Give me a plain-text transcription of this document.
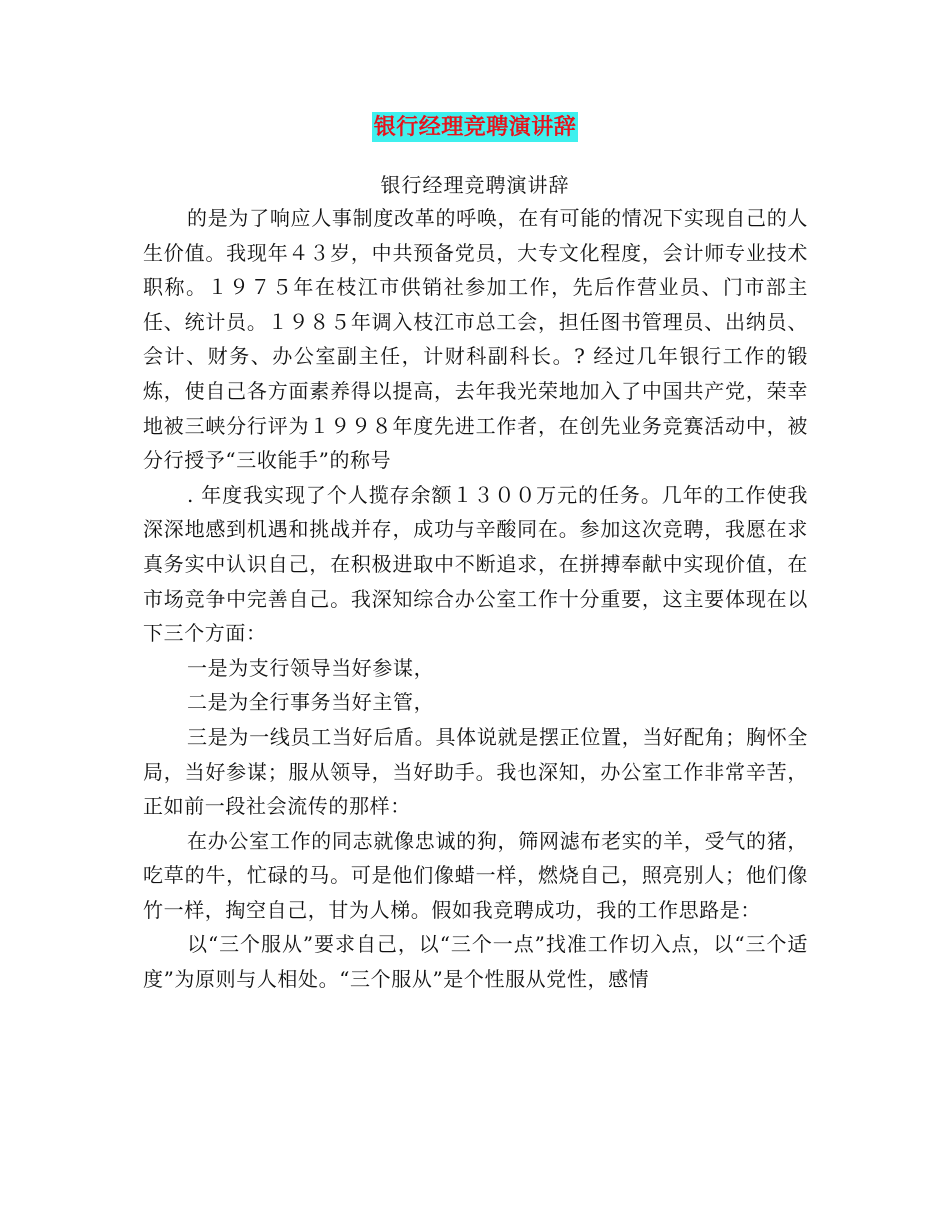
银行经理竞聘演讲辞
银行经理竞聘演讲辞

的是为了响应人事制度改革的呼唤，在有可能的情况下实现自己的人生价值。我现年４３岁，中共预备党员，大专文化程度，会计师专业技术职称。１９７５年在枝江市供销社参加工作，先后作营业员、门市部主任、统计员。１９８５年调入枝江市总工会，担任图书管理员、出纳员、会计、财务、办公室副主任，计财科副科长。? 经过几年银行工作的锻炼，使自己各方面素养得以提高，去年我光荣地加入了中国共产党，荣幸地被三峡分行评为１９９８年度先进工作者，在创先业务竞赛活动中，被分行授予“三收能手”的称号

. 年度我实现了个人揽存余额１３００万元的任务。几年的工作使我深深地感到机遇和挑战并存，成功与辛酸同在。参加这次竞聘，我愿在求真务实中认识自己，在积极进取中不断追求，在拼搏奉献中实现价值，在市场竞争中完善自己。我深知综合办公室工作十分重要，这主要体现在以下三个方面：

一是为支行领导当好参谋，

二是为全行事务当好主管，

三是为一线员工当好后盾。具体说就是摆正位置，当好配角；胸怀全局，当好参谋；服从领导，当好助手。我也深知，办公室工作非常辛苦，正如前一段社会流传的那样：

在办公室工作的同志就像忠诚的狗，筛网滤布老实的羊，受气的猪，吃草的牛，忙碌的马。可是他们像蜡一样，燃烧自己，照亮别人；他们像竹一样，掏空自己，甘为人梯。假如我竞聘成功，我的工作思路是：

以“三个服从”要求自己，以“三个一点”找准工作切入点，以“三个适度”为原则与人相处。“三个服从”是个性服从党性，感情
